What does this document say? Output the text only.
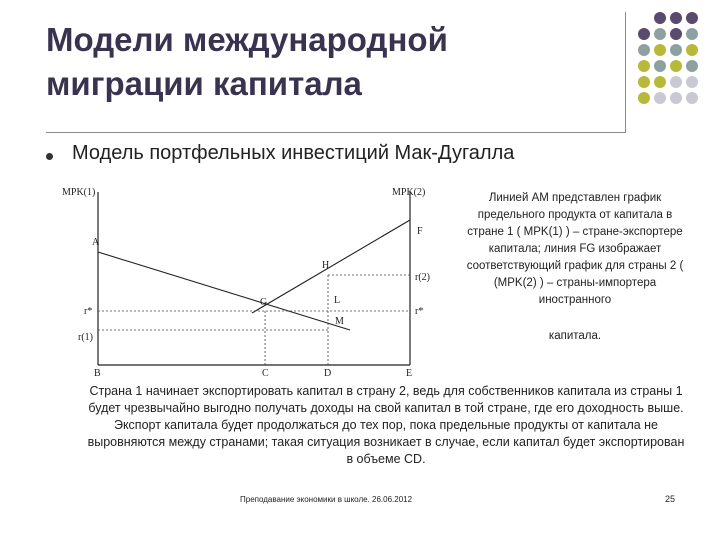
Модели международной
миграции капитала
Модель портфельных инвестиций Мак-Дугалла
MPK(1)	MPK(2)
A
F
H
r(2)
G	L
r*	r*
M
r(1)
B	C	D	E
Линией AM представлен график предельного продукта от капитала в стране 1 ( MPK(1) ) – стране-экспортере капитала; линия FG изображает соответствующий график для страны 2 ( (MPK(2) ) – страны-импортера иностранного
капитала.
Страна 1 начинает экспортировать капитал в страну 2, ведь для собственников капитала из страны 1 будет чрезвычайно выгодно получать доходы на свой капитал в той стране, где его доходность выше. Экспорт капитала будет продолжаться до тех пор, пока предельные продукты от капитала не выровняются между странами; такая ситуация возникает в случае, если капитал будет экспортирован в объеме CD.
Преподавание экономики в школе. 26.06.2012	25
